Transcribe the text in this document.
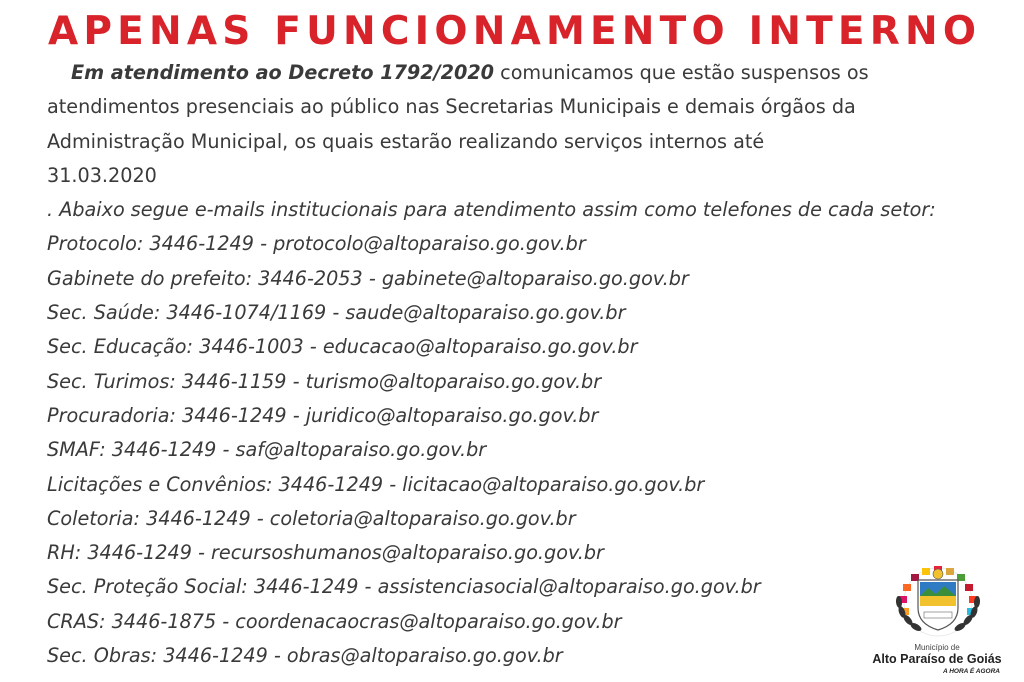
APENAS FUNCIONAMENTO INTERNO
Em atendimento ao Decreto 1792/2020 comunicamos que estão suspensos os
atendimentos presenciais ao público nas Secretarias Municipais e demais órgãos da
Administração Municipal, os quais estarão realizando serviços internos até
31.03.2020
. Abaixo segue e-mails institucionais para atendimento assim como telefones de cada setor:
Protocolo: 3446-1249 - protocolo@altoparaiso.go.gov.br
Gabinete do prefeito: 3446-2053 - gabinete@altoparaiso.go.gov.br
Sec. Saúde: 3446-1074/1169 - saude@altoparaiso.go.gov.br
Sec. Educação: 3446-1003 - educacao@altoparaiso.go.gov.br
Sec. Turimos: 3446-1159 - turismo@altoparaiso.go.gov.br
Procuradoria: 3446-1249 - juridico@altoparaiso.go.gov.br
SMAF: 3446-1249 - saf@altoparaiso.go.gov.br
Licitações e Convênios: 3446-1249 - licitacao@altoparaiso.go.gov.br
Coletoria: 3446-1249 - coletoria@altoparaiso.go.gov.br
RH: 3446-1249 - recursoshumanos@altoparaiso.go.gov.br
Sec. Proteção Social: 3446-1249 - assistenciasocial@altoparaiso.go.gov.br
CRAS: 3446-1875 - coordenacaocras@altoparaiso.go.gov.br
Sec. Obras: 3446-1249 - obras@altoparaiso.go.gov.br	Município de
Alto Paraíso de Goiás
A HORA É AGORA
